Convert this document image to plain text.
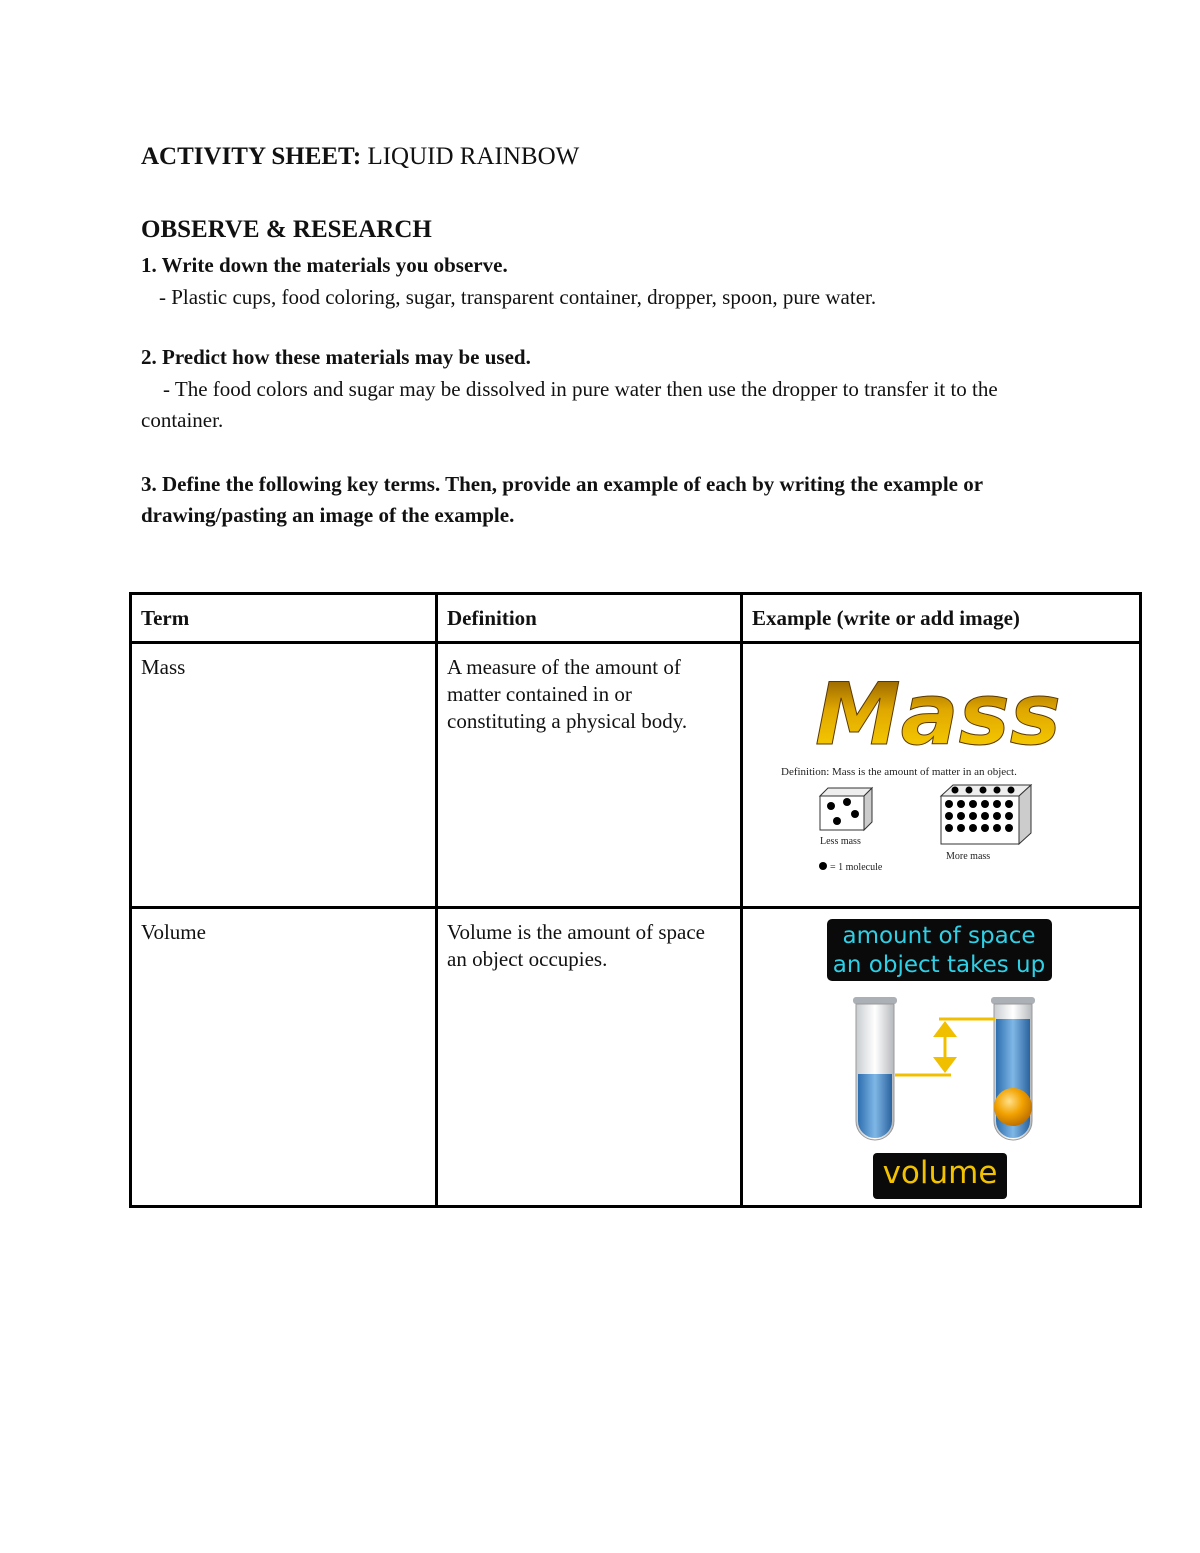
ACTIVITY SHEET: LIQUID RAINBOW
OBSERVE & RESEARCH
1. Write down the materials you observe.
- Plastic cups, food coloring, sugar, transparent container, dropper, spoon, pure water.
2. Predict how these materials may be used.
- The food colors and sugar may be dissolved in pure water then use the dropper to transfer it to the container.
3. Define the following key terms. Then, provide an example of each by writing the example or drawing/pasting an image of the example.
Term	Definition	Example (write or add image)
Mass	A measure of the amount of matter contained in or constituting a physical body.	Mass
Definition: Mass is the amount of matter in an object.
Less mass
More mass
= 1 molecule

Volume	Volume is the amount of space an object occupies.	amount of space
an object takes up
volume
